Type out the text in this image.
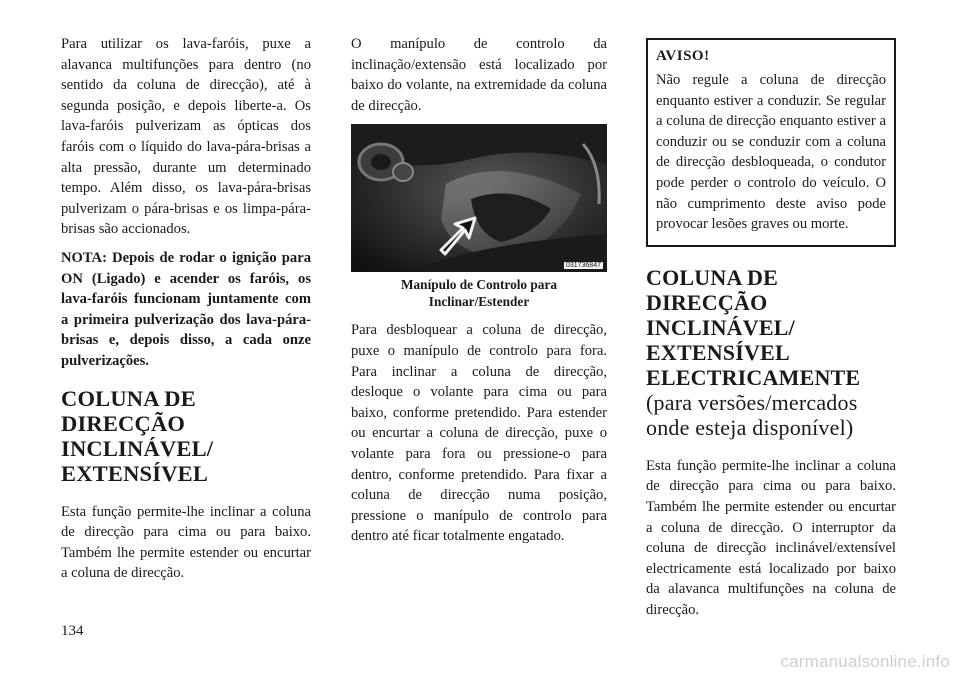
Para utilizar os lava-faróis, puxe a alavanca multifunções para dentro (no sentido da coluna de direcção), até à segunda posição, e depois liberte-a. Os lava-faróis pulverizam as ópticas dos faróis com o líquido do lava-pára-brisas a alta pressão, durante um determinado tempo. Além disso, os lava-pára-brisas pulverizam o pára-brisas e os limpa-pára-brisas são accionados.

NOTA: Depois de rodar o ignição para ON (Ligado) e acender os faróis, os lava-faróis funcionam juntamente com a primeira pulverização dos lava-pára-brisas e, depois disso, a cada onze pulverizações.

COLUNA DE DIRECÇÃO INCLINÁVEL/ EXTENSÍVEL

Esta função permite-lhe inclinar a coluna de direcção para cima ou para baixo. Também lhe permite estender ou encurtar a coluna de direcção.

O manípulo de controlo da inclinação/extensão está localizado por baixo do volante, na extremidade da coluna de direcção.

031736847

Manípulo de Controlo para Inclinar/Estender

Para desbloquear a coluna de direcção, puxe o manípulo de controlo para fora. Para inclinar a coluna de direcção, desloque o volante para cima ou para baixo, conforme pretendido. Para estender ou encurtar a coluna de direcção, puxe o volante para fora ou pressione-o para dentro, conforme pretendido. Para fixar a coluna de direcção numa posição, pressione o manípulo de controlo para dentro até ficar totalmente engatado.

AVISO!

Não regule a coluna de direcção enquanto estiver a conduzir. Se regular a coluna de direcção enquanto estiver a conduzir ou se conduzir com a coluna de direcção desbloqueada, o condutor pode perder o controlo do veículo. O não cumprimento deste aviso pode provocar lesões graves ou morte.

COLUNA DE DIRECÇÃO INCLINÁVEL/ EXTENSÍVEL ELECTRICAMENTE (para versões/mercados onde esteja disponível)

Esta função permite-lhe inclinar a coluna de direcção para cima ou para baixo. Também lhe permite estender ou encurtar a coluna de direcção. O interruptor da coluna de direcção inclinável/extensível electricamente está localizado por baixo da alavanca multifunções na coluna de direcção.

134
carmanualsonline.info
